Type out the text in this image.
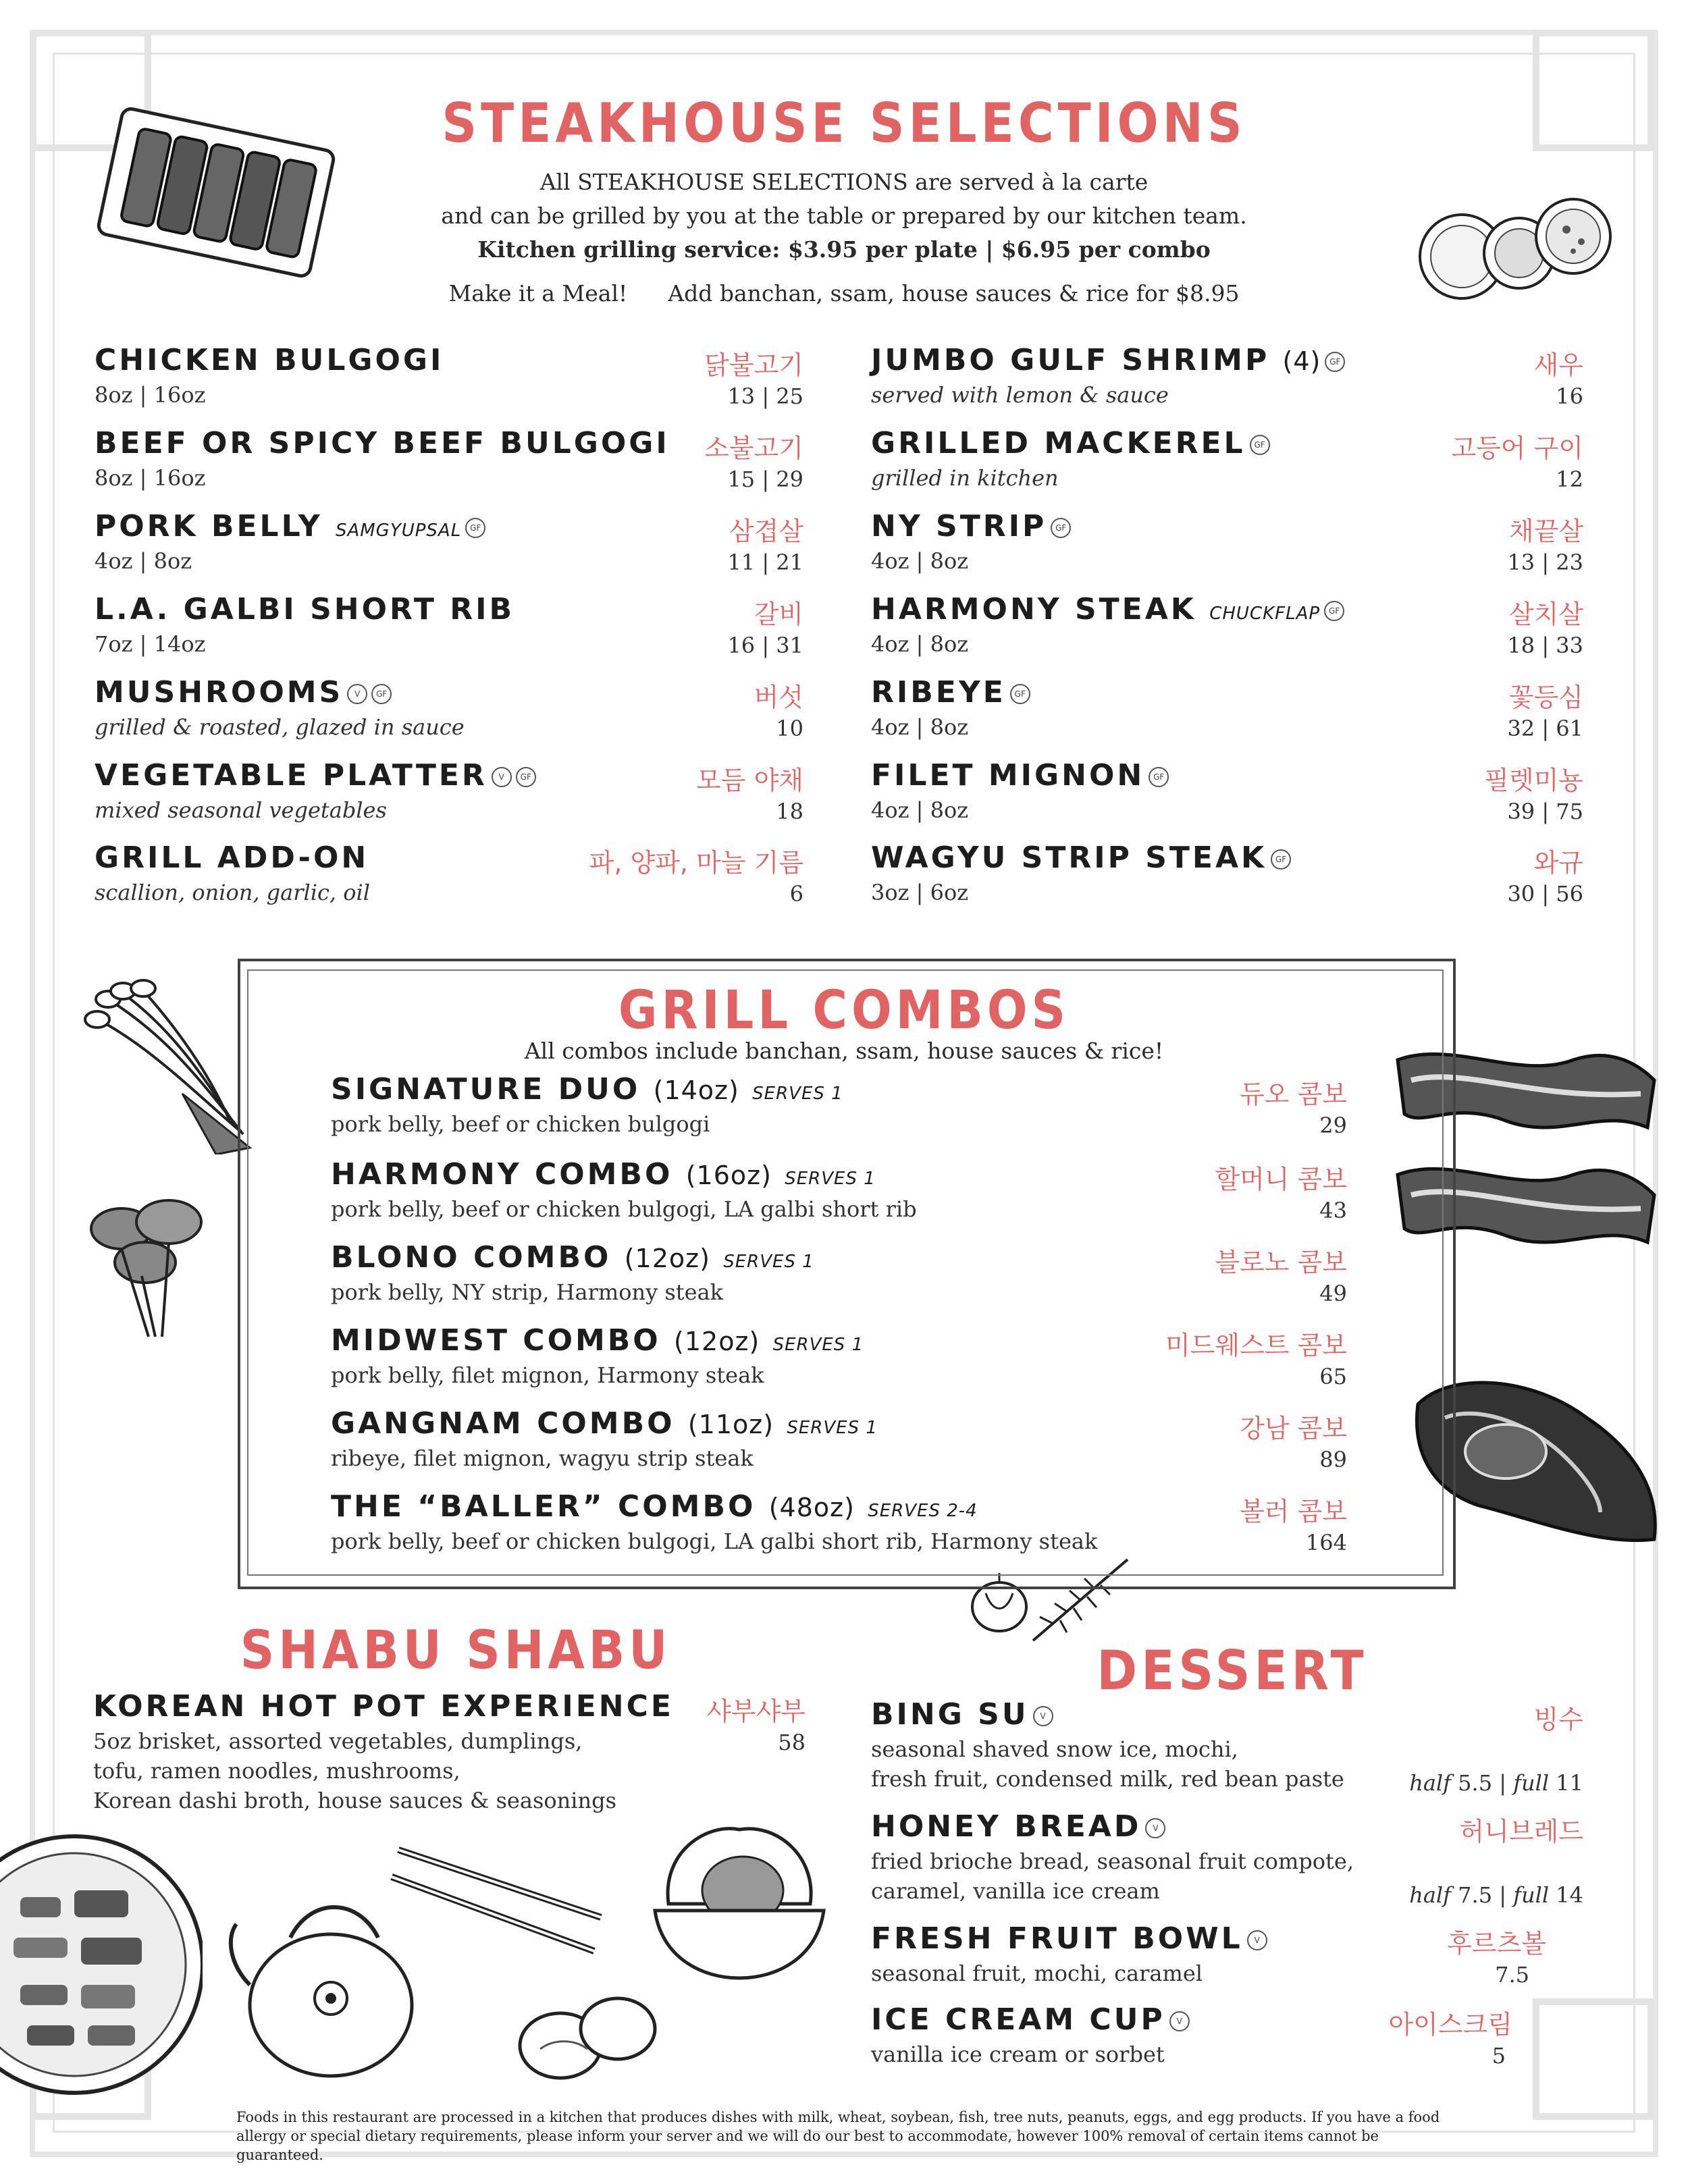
STEAKHOUSE SELECTIONS
All STEAKHOUSE SELECTIONS are served à la carte
and can be grilled by you at the table or prepared by our kitchen team.
Kitchen grilling service: $3.95 per plate | $6.95 per combo
Make it a Meal! Add banchan, ssam, house sauces & rice for $8.95
CHICKEN BULGOGI
8oz | 16oz
닭불고기
13 | 25
BEEF OR SPICY BEEF BULGOGI
8oz | 16oz
소불고기
15 | 29
PORK BELLY SAMGYUPSAL GF
4oz | 8oz
삼겹살
11 | 21
L.A. GALBI SHORT RIB
7oz | 14oz
갈비
16 | 31
MUSHROOMS V GF
grilled & roasted, glazed in sauce
버섯
10
VEGETABLE PLATTER V GF
mixed seasonal vegetables
모듬 야채
18
GRILL ADD-ON
scallion, onion, garlic, oil
파, 양파, 마늘 기름
6
JUMBO GULF SHRIMP (4) GF
served with lemon & sauce
새우
16
GRILLED MACKEREL GF
grilled in kitchen
고등어 구이
12
NY STRIP GF
4oz | 8oz
채끝살
13 | 23
HARMONY STEAK CHUCKFLAP GF
4oz | 8oz
살치살
18 | 33
RIBEYE GF
4oz | 8oz
꽃등심
32 | 61
FILET MIGNON GF
4oz | 8oz
필렛미뇽
39 | 75
WAGYU STRIP STEAK GF
3oz | 6oz
와규
30 | 56
GRILL COMBOS
All combos include banchan, ssam, house sauces & rice!
SIGNATURE DUO (14oz) SERVES 1
pork belly, beef or chicken bulgogi
듀오 콤보
29
HARMONY COMBO (16oz) SERVES 1
pork belly, beef or chicken bulgogi, LA galbi short rib
할머니 콤보
43
BLONO COMBO (12oz) SERVES 1
pork belly, NY strip, Harmony steak
블로노 콤보
49
MIDWEST COMBO (12oz) SERVES 1
pork belly, filet mignon, Harmony steak
미드웨스트 콤보
65
GANGNAM COMBO (11oz) SERVES 1
ribeye, filet mignon, wagyu strip steak
강남 콤보
89
THE “BALLER” COMBO (48oz) SERVES 2-4
pork belly, beef or chicken bulgogi, LA galbi short rib, Harmony steak
볼러 콤보
164
SHABU SHABU
KOREAN HOT POT EXPERIENCE
5oz brisket, assorted vegetables, dumplings,
tofu, ramen noodles, mushrooms,
Korean dashi broth, house sauces & seasonings
샤부샤부
58
DESSERT
BING SU V
seasonal shaved snow ice, mochi,
fresh fruit, condensed milk, red bean paste
빙수
half 5.5 | full 11
HONEY BREAD V
fried brioche bread, seasonal fruit compote,
caramel, vanilla ice cream
허니브레드
half 7.5 | full 14
FRESH FRUIT BOWL V
seasonal fruit, mochi, caramel
후르츠볼
7.5
ICE CREAM CUP V
vanilla ice cream or sorbet
아이스크림
5
Foods in this restaurant are processed in a kitchen that produces dishes with milk, wheat, soybean, fish, tree nuts, peanuts, eggs, and egg products. If you have a food
allergy or special dietary requirements, please inform your server and we will do our best to accommodate, however 100% removal of certain items cannot be guaranteed.
